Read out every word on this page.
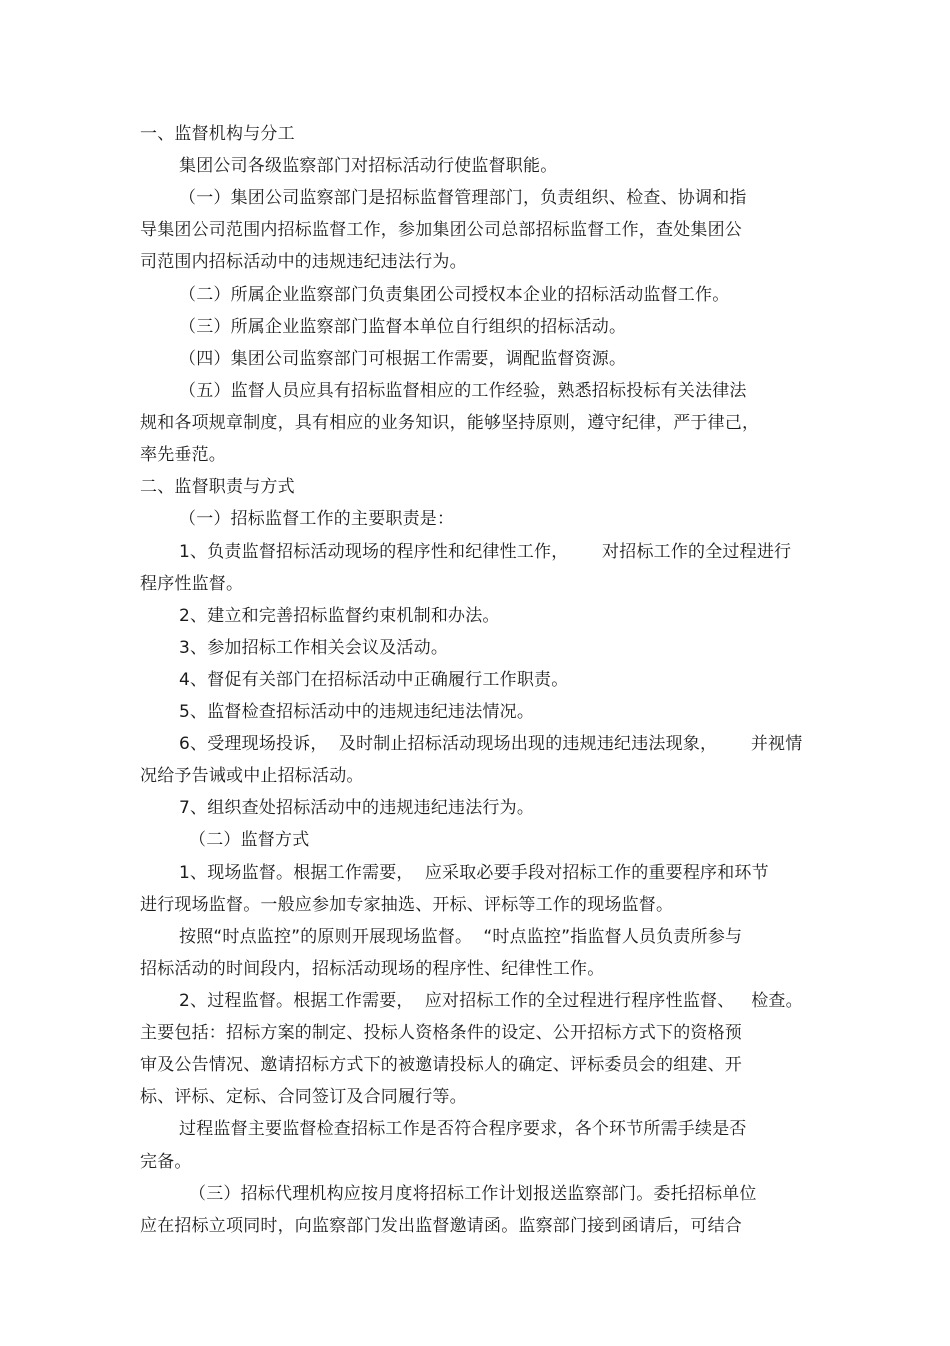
一、监督机构与分工
集团公司各级监察部门对招标活动行使监督职能。
（一）集团公司监察部门是招标监督管理部门，负责组织、检查、协调和指
导集团公司范围内招标监督工作，参加集团公司总部招标监督工作，查处集团公
司范围内招标活动中的违规违纪违法行为。
（二）所属企业监察部门负责集团公司授权本企业的招标活动监督工作。
（三）所属企业监察部门监督本单位自行组织的招标活动。
（四）集团公司监察部门可根据工作需要，调配监督资源。
（五）监督人员应具有招标监督相应的工作经验，熟悉招标投标有关法律法
规和各项规章制度，具有相应的业务知识，能够坚持原则，遵守纪律，严于律己，
率先垂范。
二、监督职责与方式
（一）招标监督工作的主要职责是：
1、负责监督招标活动现场的程序性和纪律性工作，      对招标工作的全过程进行
程序性监督。
2、建立和完善招标监督约束机制和办法。
3、参加招标工作相关会议及活动。
4、督促有关部门在招标活动中正确履行工作职责。
5、监督检查招标活动中的违规违纪违法情况。
6、受理现场投诉，  及时制止招标活动现场出现的违规违纪违法现象，      并视情
况给予告诫或中止招标活动。
7、组织查处招标活动中的违规违纪违法行为。
（二）监督方式
1、现场监督。根据工作需要，  应采取必要手段对招标工作的重要程序和环节
进行现场监督。一般应参加专家抽选、开标、评标等工作的现场监督。
按照“时点监控”的原则开展现场监督。  “时点监控”指监督人员负责所参与
招标活动的时间段内，招标活动现场的程序性、纪律性工作。
2、过程监督。根据工作需要，  应对招标工作的全过程进行程序性监督、   检查。
主要包括：招标方案的制定、投标人资格条件的设定、公开招标方式下的资格预
审及公告情况、邀请招标方式下的被邀请投标人的确定、评标委员会的组建、开
标、评标、定标、合同签订及合同履行等。
过程监督主要监督检查招标工作是否符合程序要求，各个环节所需手续是否
完备。
（三）招标代理机构应按月度将招标工作计划报送监察部门。委托招标单位
应在招标立项同时，向监察部门发出监督邀请函。监察部门接到函请后，可结合
